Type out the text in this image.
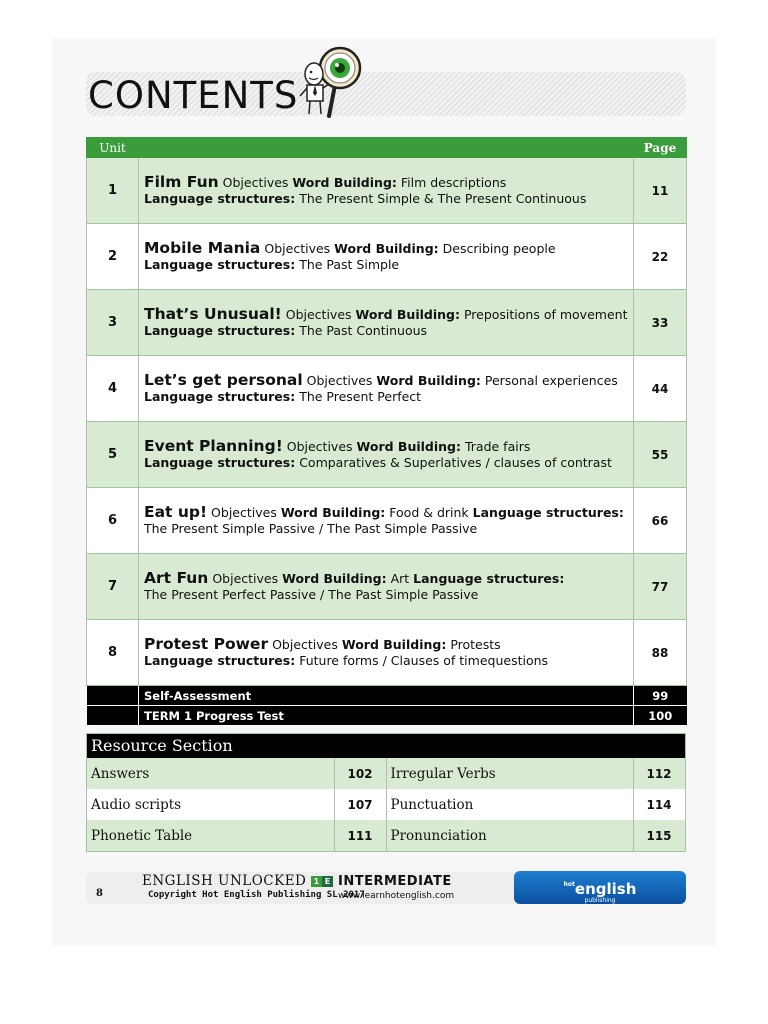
CONTENTS
Unit		Page
1	Film Fun Objectives Word Building: Film descriptions
Language structures: The Present Simple & The Present Continuous	11
2	Mobile Mania Objectives Word Building: Describing people
Language structures: The Past Simple	22
3	That’s Unusual! Objectives Word Building: Prepositions of movement
Language structures: The Past Continuous	33
4	Let’s get personal Objectives Word Building: Personal experiences
Language structures: The Present Perfect	44
5	Event Planning! Objectives Word Building: Trade fairs
Language structures: Comparatives & Superlatives / clauses of contrast	55
6	Eat up! Objectives Word Building: Food & drink Language structures:
The Present Simple Passive / The Past Simple Passive	66
7	Art Fun Objectives Word Building: Art Language structures:
The Present Perfect Passive / The Past Simple Passive	77
8	Protest Power Objectives Word Building: Protests
Language structures: Future forms / Clauses of timequestions	88
	Self-Assessment	99
	TERM 1 Progress Test	100
Resource Section
Answers	102	Irregular Verbs	112
Audio scripts	107	Punctuation	114
Phonetic Table	111	Pronunciation	115
8
ENGLISH UNLOCKED 1 E INTERMEDIATE
Copyright Hot English Publishing SL 2017
www.learnhotenglish.com
$^{hot}$english
publishing
